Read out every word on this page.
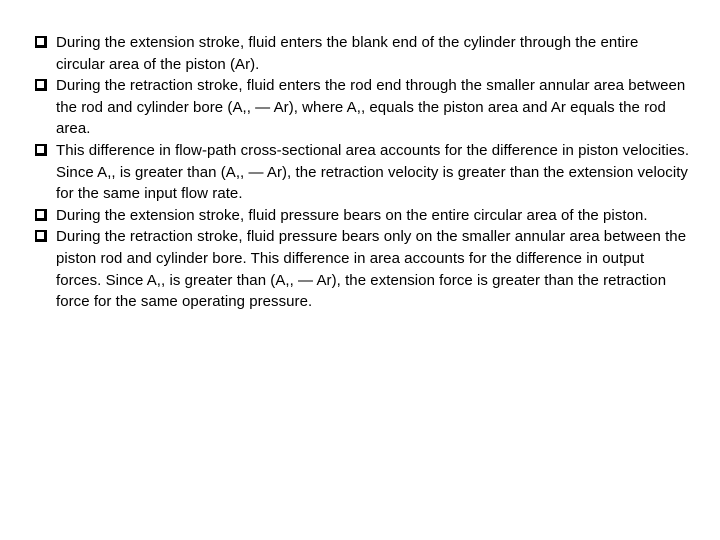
During the extension stroke, fluid enters the blank end of the cylinder through the entire circular area of the piston (Ar).
During the retraction stroke, fluid enters the rod end through the smaller annular area between the rod and cylinder bore (A,, — Ar), where A,, equals the piston area and Ar equals the rod area.
This difference in flow-path cross-sectional area accounts for the difference in piston velocities. Since A,, is greater than (A,, — Ar), the retraction velocity is greater than the extension velocity for the same input flow rate.
During the extension stroke, fluid pressure bears on the entire circular area of the piston.
During the retraction stroke, fluid pressure bears only on the smaller annular area between the piston rod and cylinder bore. This difference in area accounts for the difference in output forces. Since A,, is greater than (A,, — Ar), the extension force is greater than the retraction force for the same operating pressure.
